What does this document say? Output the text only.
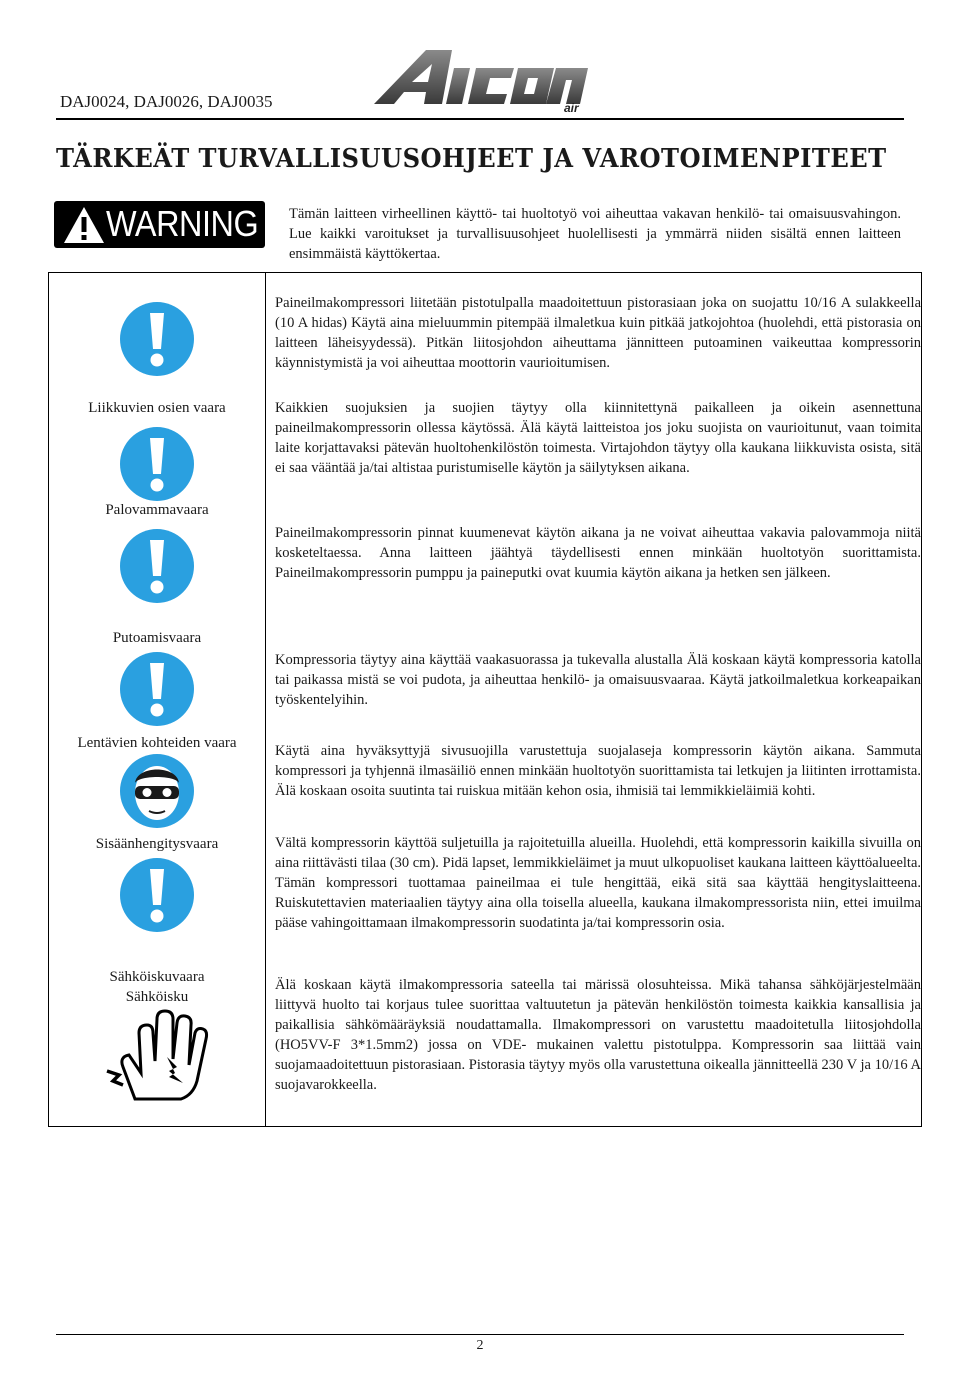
DAJ0024, DAJ0026, DAJ0035	air
TÄRKEÄT TURVALLISUUSOHJEET JA VAROTOIMENPITEET
WARNING Tämän laitteen virheellinen käyttö- tai huoltotyö voi aiheuttaa vakavan henkilö- tai omaisuusvahingon. Lue kaikki varoitukset ja turvallisuusohjeet huolellisesti ja ymmärrä niiden sisältä ennen laitteen ensimmäistä käyttökertaa.
Liikkuvien osien vaara
Palovammavaara
Putoamisvaara
Lentävien kohteiden vaara
Sisäänhengitysvaara
Sähköiskuvaara
Sähköisku
Paineilmakompressori liitetään pistotulpalla maadoitettuun pistorasiaan joka on suojattu 10/16 A sulakkeella (10 A hidas) Käytä aina mieluummin pitempää ilmaletkua kuin pitkää jatkojohtoa (huolehdi, että pistorasia on laitteen läheisyydessä). Pitkän liitosjohdon aiheuttama jännitteen putoaminen vaikeuttaa kompressorin käynnistymistä ja voi aiheuttaa moottorin vaurioitumisen.
Kaikkien suojuksien ja suojien täytyy olla kiinnitettynä paikalleen ja oikein asennettuna paineilmakompressorin ollessa käytössä. Älä käytä laitteistoa jos joku suojista on vaurioitunut, vaan toimita laite korjattavaksi pätevän huoltohenkilöstön toimesta. Virtajohdon täytyy olla kaukana liikkuvista osista, sitä ei saa vääntää ja/tai altistaa puristumiselle käytön ja säilytyksen aikana.
Paineilmakompressorin pinnat kuumenevat käytön aikana ja ne voivat aiheuttaa vakavia palovammoja niitä kosketeltaessa. Anna laitteen jäähtyä täydellisesti ennen minkään huoltotyön suorittamista. Paineilmakompressorin pumppu ja paineputki ovat kuumia käytön aikana ja hetken sen jälkeen.
Kompressoria täytyy aina käyttää vaakasuorassa ja tukevalla alustalla Älä koskaan käytä kompressoria katolla tai paikassa mistä se voi pudota, ja aiheuttaa henkilö- ja omaisuusvaaraa. Käytä jatkoilmaletkua korkeapaikan työskentelyihin.
Käytä aina hyväksyttyjä sivusuojilla varustettuja suojalaseja kompressorin käytön aikana. Sammuta kompressori ja tyhjennä ilmasäiliö ennen minkään huoltotyön suorittamista tai letkujen ja liitinten irrottamista. Älä koskaan osoita suutinta tai ruiskua mitään kehon osia, ihmisiä tai lemmikkieläimiä kohti.
Vältä kompressorin käyttöä suljetuilla ja rajoitetuilla alueilla. Huolehdi, että kompressorin kaikilla sivuilla on aina riittävästi tilaa (30 cm). Pidä lapset, lemmikkieläimet ja muut ulkopuoliset kaukana laitteen käyttöalueelta. Tämän kompressori tuottamaa paineilmaa ei tule hengittää, eikä sitä saa käyttää hengityslaitteena. Ruiskutettavien materiaalien täytyy aina olla toisella alueella, kaukana ilmakompressorista niin, ettei imuilma pääse vahingoittamaan ilmakompressorin suodatinta ja/tai kompressorin osia.
Älä koskaan käytä ilmakompressoria sateella tai märissä olosuhteissa. Mikä tahansa sähköjärjestelmään liittyvä huolto tai korjaus tulee suorittaa valtuutetun ja pätevän henkilöstön toimesta kaikkia kansallisia ja paikallisia sähkömääräyksiä noudattamalla. Ilmakompressori on varustettu maadoitetulla liitosjohdolla (HO5VV-F 3*1.5mm2) jossa on VDE- mukainen valettu pistotulppa. Kompressorin saa liittää vain suojamaadoitettuun pistorasiaan. Pistorasia täytyy myös olla varustettuna oikealla jännitteellä 230 V ja 10/16 A suojavarokkeella.
2
